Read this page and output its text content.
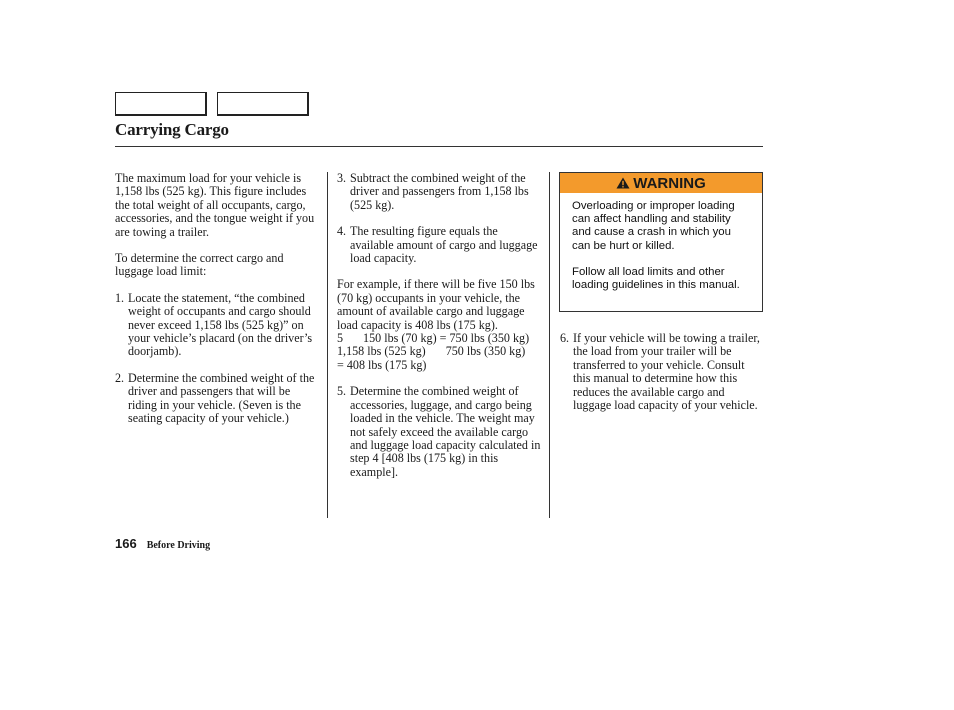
Carrying Cargo

The maximum load for your vehicle is 1,158 lbs (525 kg). This figure includes the total weight of all occupants, cargo, accessories, and the tongue weight if you are towing a trailer.

To determine the correct cargo and luggage load limit:

1. Locate the statement, “the combined weight of occupants and cargo should never exceed 1,158 lbs (525 kg)” on your vehicle’s placard (on the driver’s doorjamb).
2. Determine the combined weight of the driver and passengers that will be riding in your vehicle. (Seven is the seating capacity of your vehicle.)
3. Subtract the combined weight of the driver and passengers from 1,158 lbs (525 kg).
4. The resulting figure equals the available amount of cargo and luggage load capacity.

For example, if there will be five 150 lbs (70 kg) occupants in your vehicle, the amount of available cargo and luggage load capacity is 408 lbs (175 kg).

5 150 lbs (70 kg) = 750 lbs (350 kg)
1,158 lbs (525 kg) 750 lbs (350 kg)
= 408 lbs (175 kg)
5. Determine the combined weight of accessories, luggage, and cargo being loaded in the vehicle. The weight may not safely exceed the available cargo and luggage load capacity calculated in step 4 [408 lbs (175 kg) in this example].
WARNING

Overloading or improper loading can affect handling and stability and cause a crash in which you can be hurt or killed.

Follow all load limits and other loading guidelines in this manual.

6. If your vehicle will be towing a trailer, the load from your trailer will be transferred to your vehicle. Consult this manual to determine how this reduces the available cargo and luggage load capacity of your vehicle.
166 Before Driving
